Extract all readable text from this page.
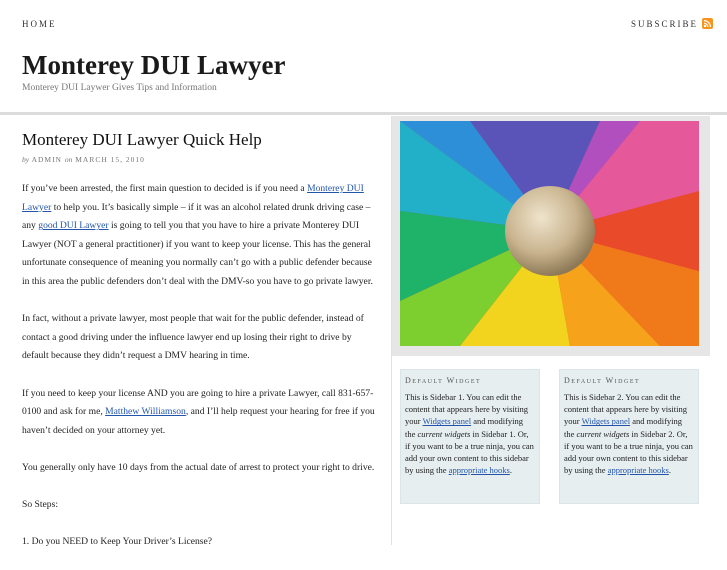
HOME	SUBSCRIBE
Monterey DUI Lawyer
Monterey DUI Laywer Gives Tips and Information
Monterey DUI Lawyer Quick Help
by ADMIN on MARCH 15, 2010

If you’ve been arrested, the first main question to decided is if you need a Monterey DUI Lawyer to help you. It’s basically simple – if it was an alcohol related drunk driving case – any good DUI Lawyer is going to tell you that you have to hire a private Monterey DUI Lawyer (NOT a general practitioner) if you want to keep your license. This has the general unfortunate consequence of meaning you normally can’t go with a public defender because in this area the public defenders don’t deal with the DMV-so you have to go private lawyer.

In fact, without a private lawyer, most people that wait for the public defender, instead of contact a good driving under the influence lawyer end up losing their right to drive by default because they didn’t request a DMV hearing in time.

If you need to keep your license AND you are going to hire a private Lawyer, call 831-657-0100 and ask for me, Matthew Williamson, and I’ll help request your hearing for free if you haven’t decided on your attorney yet.

You generally only have 10 days from the actual date of arrest to protect your right to drive.

So Steps:

1. Do you NEED to Keep Your Driver’s License?

Default Widget
This is Sidebar 1. You can edit the content that appears here by visiting your Widgets panel and modifying the current widgets in Sidebar 1. Or, if you want to be a true ninja, you can add your own content to this sidebar by using the appropriate hooks.
Default Widget
This is Sidebar 2. You can edit the content that appears here by visiting your Widgets panel and modifying the current widgets in Sidebar 2. Or, if you want to be a true ninja, you can add your own content to this sidebar by using the appropriate hooks.
